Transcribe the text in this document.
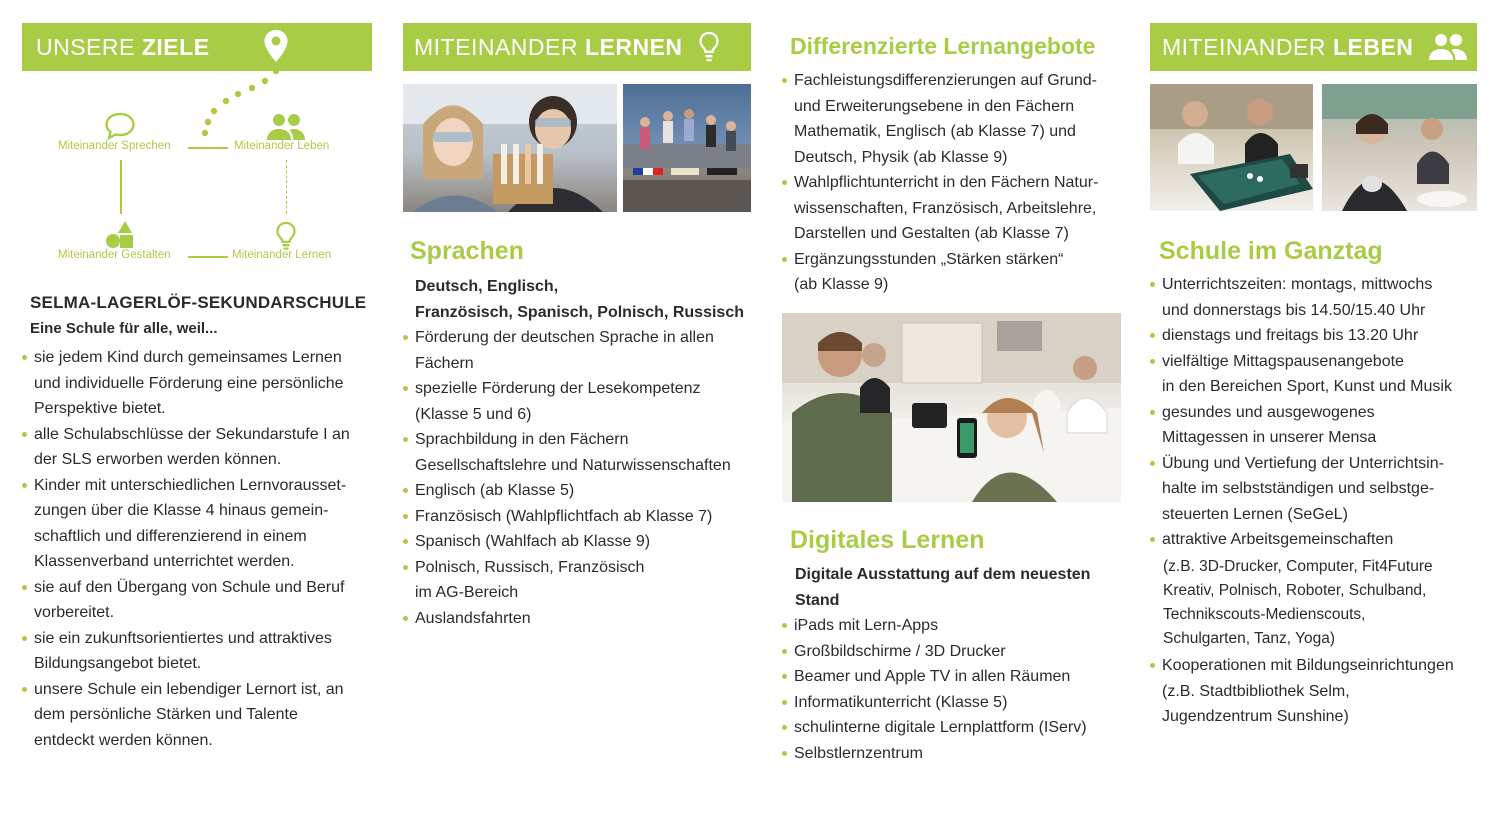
UNSERE ZIELE
Miteinander Sprechen	Miteinander Leben
Miteinander Gestalten	Miteinander Lernen
SELMA-LAGERLÖF-SEKUNDARSCHULE
Eine Schule für alle, weil...
sie jedem Kind durch gemeinsames Lernen
und individuelle Förderung eine persönliche
Perspektive bietet.
alle Schulabschlüsse der Sekundarstufe I an
der SLS erworben werden können.
Kinder mit unterschiedlichen Lernvorausset-
zungen über die Klasse 4 hinaus gemein-
schaftlich und differenzierend in einem
Klassenverband unterrichtet werden.
sie auf den Übergang von Schule und Beruf
vorbereitet.
sie ein zukunftsorientiertes und attraktives
Bildungsangebot bietet.
unsere Schule ein lebendiger Lernort ist, an
dem persönliche Stärken und Talente
entdeckt werden können.
MITEINANDER LERNEN
Sprachen
Deutsch, Englisch,
Französisch, Spanisch, Polnisch, Russisch
Förderung der deutschen Sprache in allen
Fächern
spezielle Förderung der Lesekompetenz
(Klasse 5 und 6)
Sprachbildung in den Fächern
Gesellschaftslehre und Naturwissenschaften
Englisch (ab Klasse 5)
Französisch (Wahlpflichtfach ab Klasse 7)
Spanisch (Wahlfach ab Klasse 9)
Polnisch, Russisch, Französisch
im AG-Bereich
Auslandsfahrten
Differenzierte Lernangebote
Fachleistungsdifferenzierungen auf Grund-
und Erweiterungsebene in den Fächern
Mathematik, Englisch (ab Klasse 7) und
Deutsch, Physik (ab Klasse 9)
Wahlpflichtunterricht in den Fächern Natur-
wissenschaften, Französisch, Arbeitslehre,
Darstellen und Gestalten (ab Klasse 7)
Ergänzungsstunden „Stärken stärken“
(ab Klasse 9)
Digitales Lernen
Digitale Ausstattung auf dem neuesten
Stand
iPads mit Lern-Apps
Großbildschirme / 3D Drucker
Beamer und Apple TV in allen Räumen
Informatikunterricht (Klasse 5)
schulinterne digitale Lernplattform (IServ)
Selbstlernzentrum
MITEINANDER LEBEN
Schule im Ganztag
Unterrichtszeiten: montags, mittwochs
und donnerstags bis 14.50/15.40 Uhr
dienstags und freitags bis 13.20 Uhr
vielfältige Mittagspausenangebote
in den Bereichen Sport, Kunst und Musik
gesundes und ausgewogenes
Mittagessen in unserer Mensa
Übung und Vertiefung der Unterrichtsin-
halte im selbstständigen und selbstge-
steuerten Lernen (SeGeL)
attraktive Arbeitsgemeinschaften
(z.B. 3D-Drucker, Computer, Fit4Future
Kreativ, Polnisch, Roboter, Schulband,
Technikscouts-Medienscouts,
Schulgarten, Tanz, Yoga)
Kooperationen mit Bildungseinrichtungen
(z.B. Stadtbibliothek Selm,
Jugendzentrum Sunshine)
